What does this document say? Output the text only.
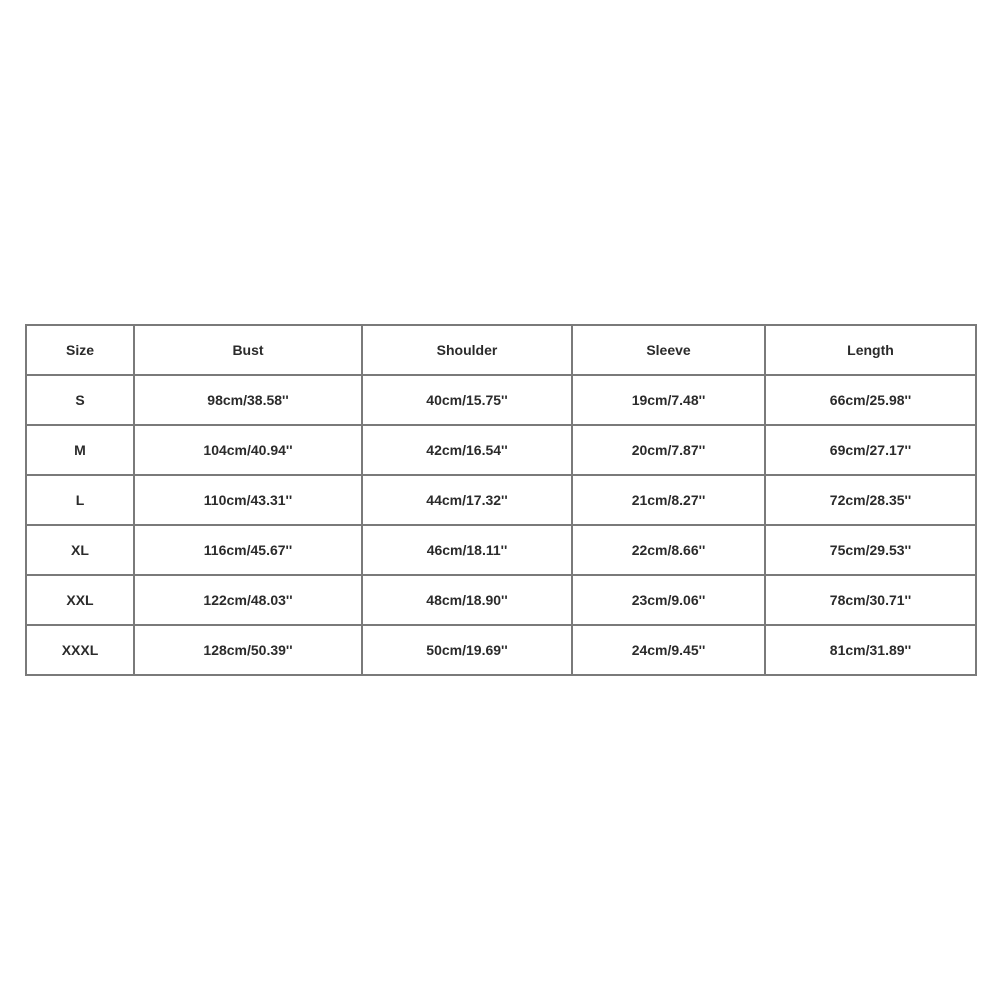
Size	Bust	Shoulder	Sleeve	Length
S	98cm/38.58''	40cm/15.75''	19cm/7.48''	66cm/25.98''
M	104cm/40.94''	42cm/16.54''	20cm/7.87''	69cm/27.17''
L	110cm/43.31''	44cm/17.32''	21cm/8.27''	72cm/28.35''
XL	116cm/45.67''	46cm/18.11''	22cm/8.66''	75cm/29.53''
XXL	122cm/48.03''	48cm/18.90''	23cm/9.06''	78cm/30.71''
XXXL	128cm/50.39''	50cm/19.69''	24cm/9.45''	81cm/31.89''
